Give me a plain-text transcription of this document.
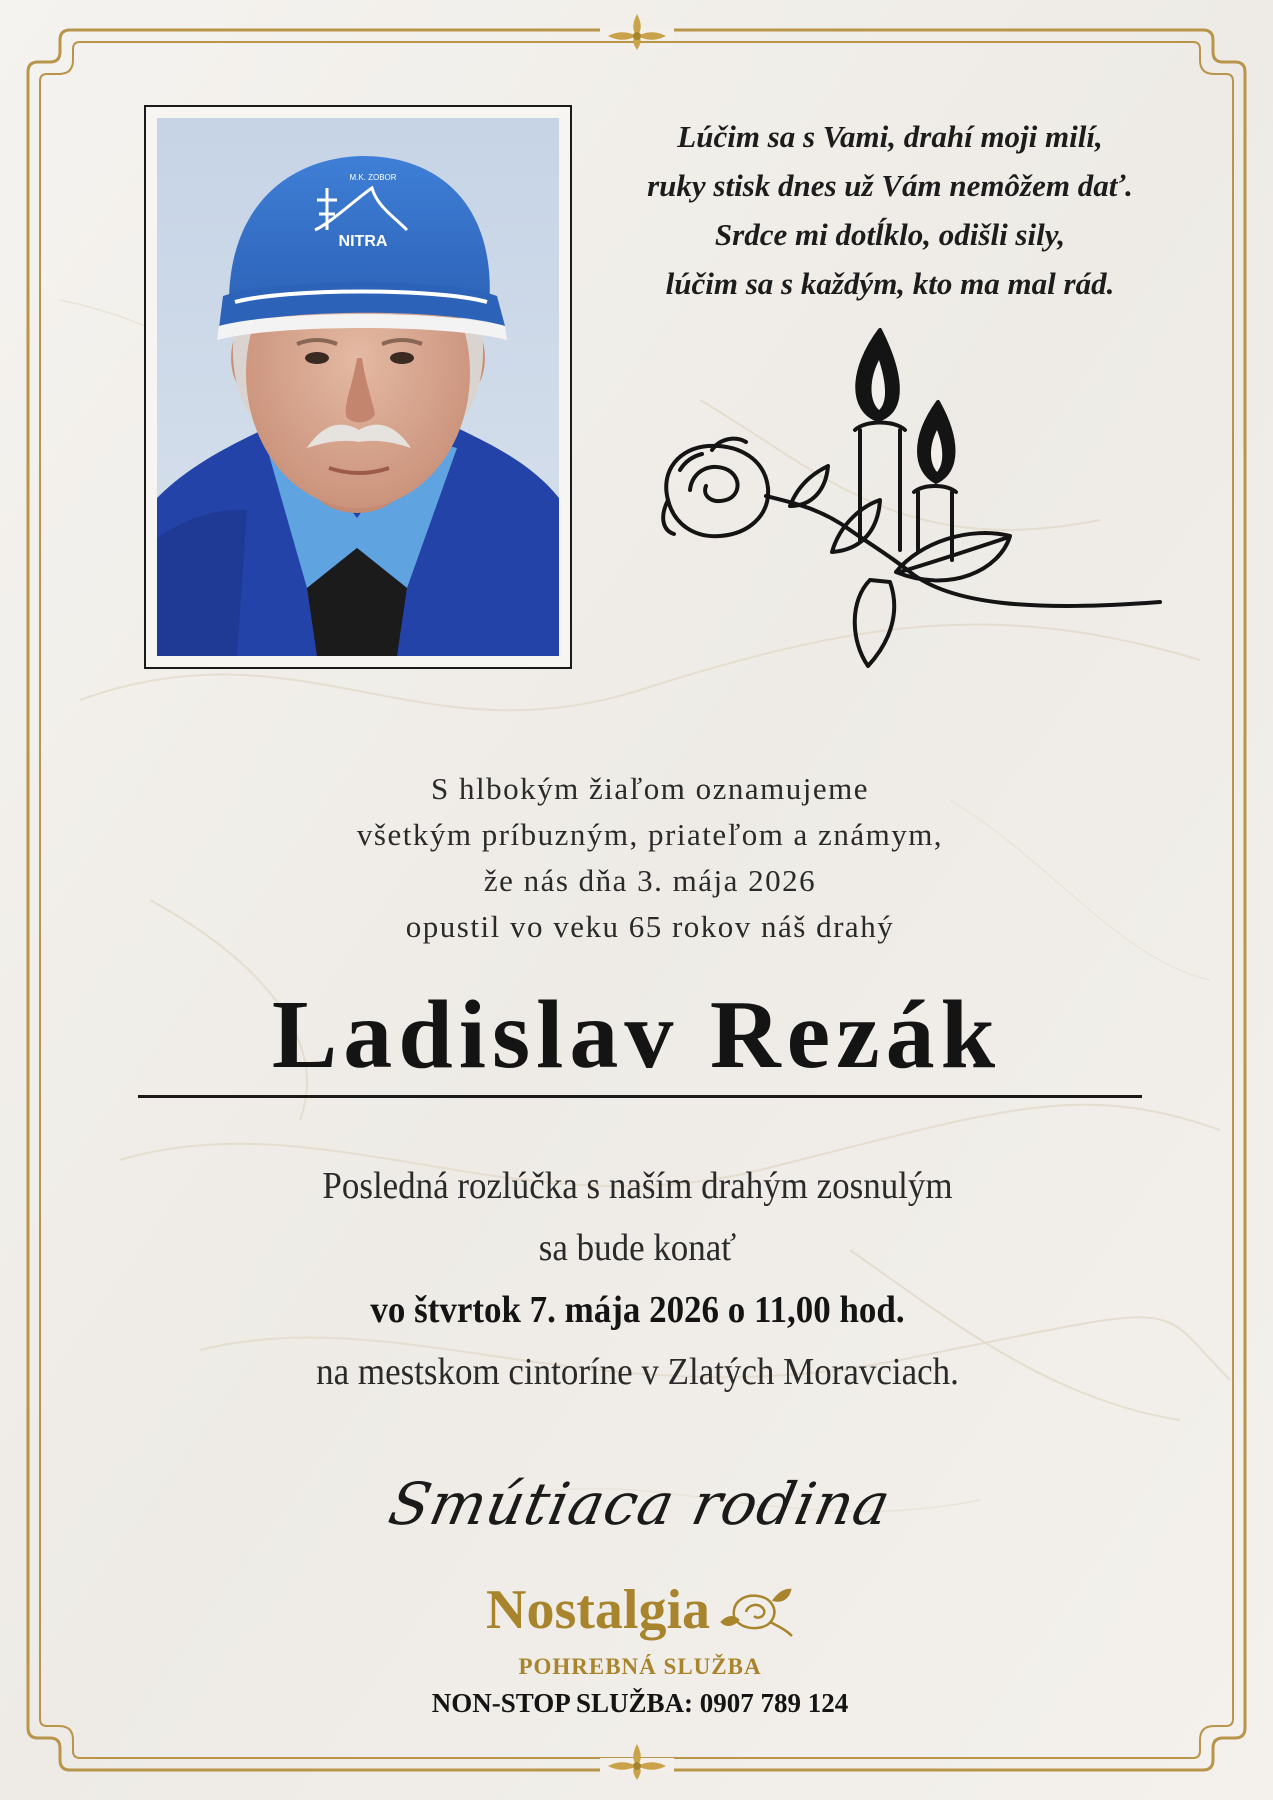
NITRA
M.K. ZOBOR
Lúčim sa s Vami, drahí moji milí,
ruky stisk dnes už Vám nemôžem dať.
Srdce mi dotĺklo, odišli sily,
lúčim sa s každým, kto ma mal rád.
S hlbokým žiaľom oznamujeme
všetkým príbuzným, priateľom a známym,
že nás dňa 3. mája 2026
opustil vo veku 65 rokov náš drahý
Ladislav Rezák
Posledná rozlúčka s naším drahým zosnulým
sa bude konať
vo štvrtok 7. mája 2026 o 11,00 hod.
na mestskom cintoríne v Zlatých Moravciach.
Smútiaca rodina
Nostalgia
POHREBNÁ SLUŽBA
NON-STOP SLUŽBA: 0907 789 124
